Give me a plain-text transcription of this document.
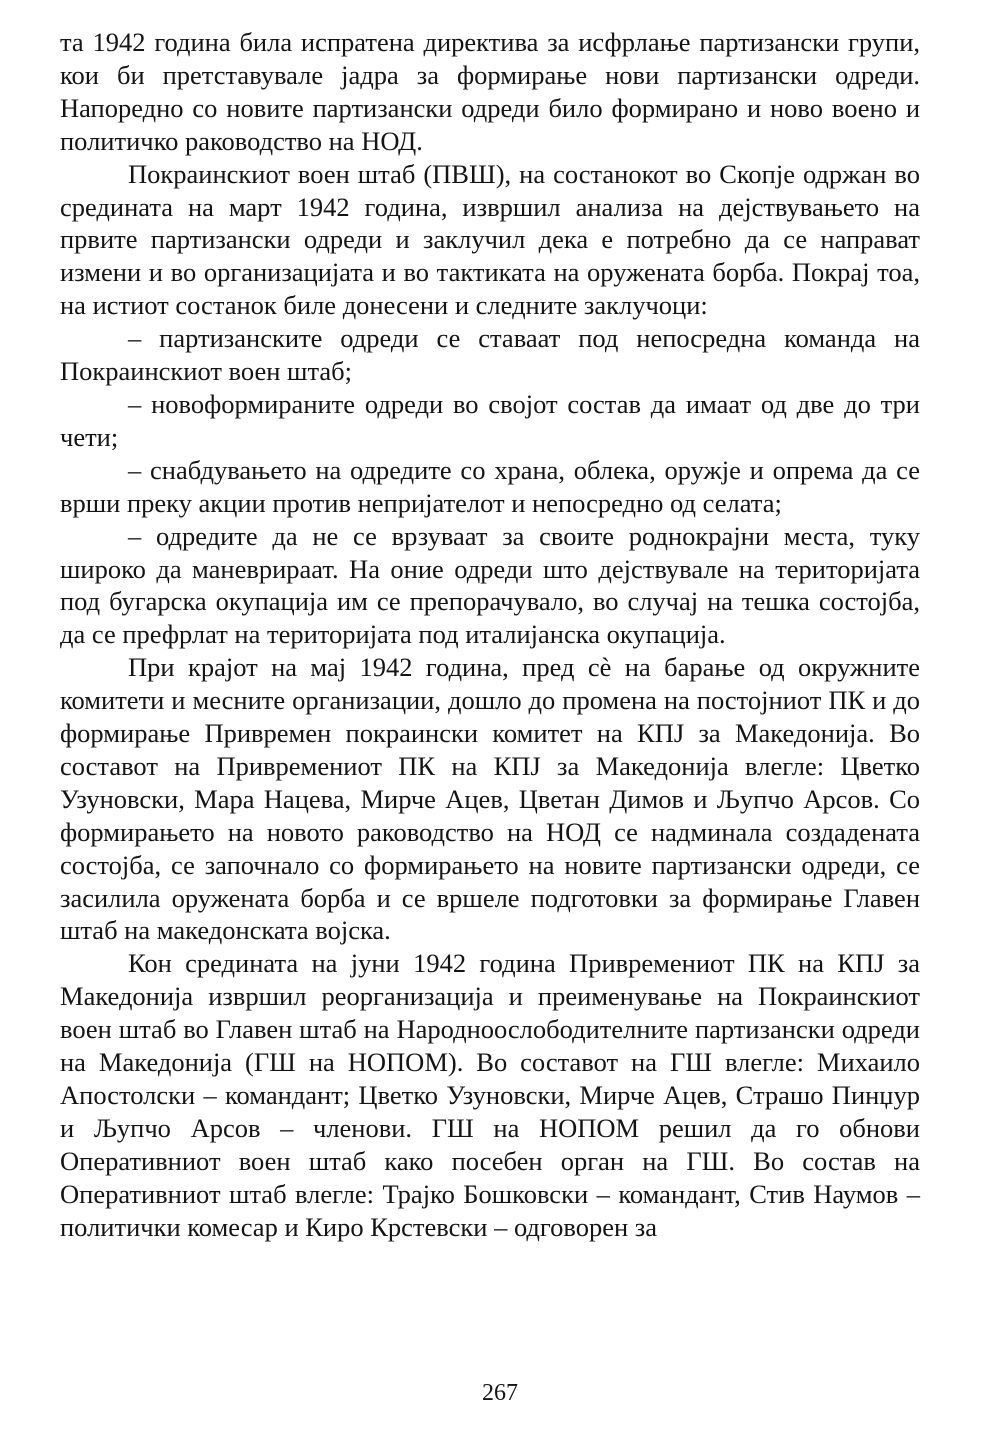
та 1942 година била испратена директива за исфрлање партизански групи, кои би претставувале јадра за формирање нови партизански одреди. Напоредно со новите партизански одреди било формирано и ново воено и политичко раководство на НОД.

Покраинскиот воен штаб (ПВШ), на состанокот во Скопје одржан во средината на март 1942 година, извршил анализа на дејствувањето на првите партизански одреди и заклучил дека е потребно да се направат измени и во организацијата и во тактиката на оружената борба. Покрај тоа, на истиот состанок биле донесени и следните заклучоци:

– партизанските одреди се ставаат под непосредна команда на Покраинскиот воен штаб;

– новоформираните одреди во својот состав да имаат од две до три чети;

– снабдувањето на одредите со храна, облека, оружје и опрема да се врши преку акции против непријателот и непосредно од селата;

– одредите да не се врзуваат за своите роднокрајни места, туку широко да маневрираат. На оние одреди што дејствувале на територијата под бугарска окупација им се препорачувало, во случај на тешка состојба, да се префрлат на територијата под италијанска окупација.

При крајот на мај 1942 година, пред сè на барање од окружните комитети и месните организации, дошло до промена на постојниот ПК и до формирање Привремен покраински комитет на КПЈ за Македонија. Во составот на Привремениот ПК на КПЈ за Македонија влегле: Цветко Узуновски, Мара Нацева, Мирче Ацев, Цветан Димов и Љупчо Арсов. Со формирањето на новото раководство на НОД се надминала создадената состојба, се започнало со формирањето на новите партизански одреди, се засилила оружената борба и се вршеле подготовки за формирање Главен штаб на македонската војска.

Кон средината на јуни 1942 година Привремениот ПК на КПЈ за Македонија извршил реорганизација и преименување на Покраинскиот воен штаб во Главен штаб на Народноослободителните партизански одреди на Македонија (ГШ на НОПОМ). Во составот на ГШ влегле: Михаило Апостолски – командант; Цветко Узуновски, Мирче Ацев, Страшо Пинџур и Љупчо Арсов – членови. ГШ на НОПОМ решил да го обнови Оперативниот воен штаб како посебен орган на ГШ. Во состав на Оперативниот штаб влегле: Трајко Бошковски – командант, Стив Наумов – политички комесар и Киро Крстевски – одговорен за

267
